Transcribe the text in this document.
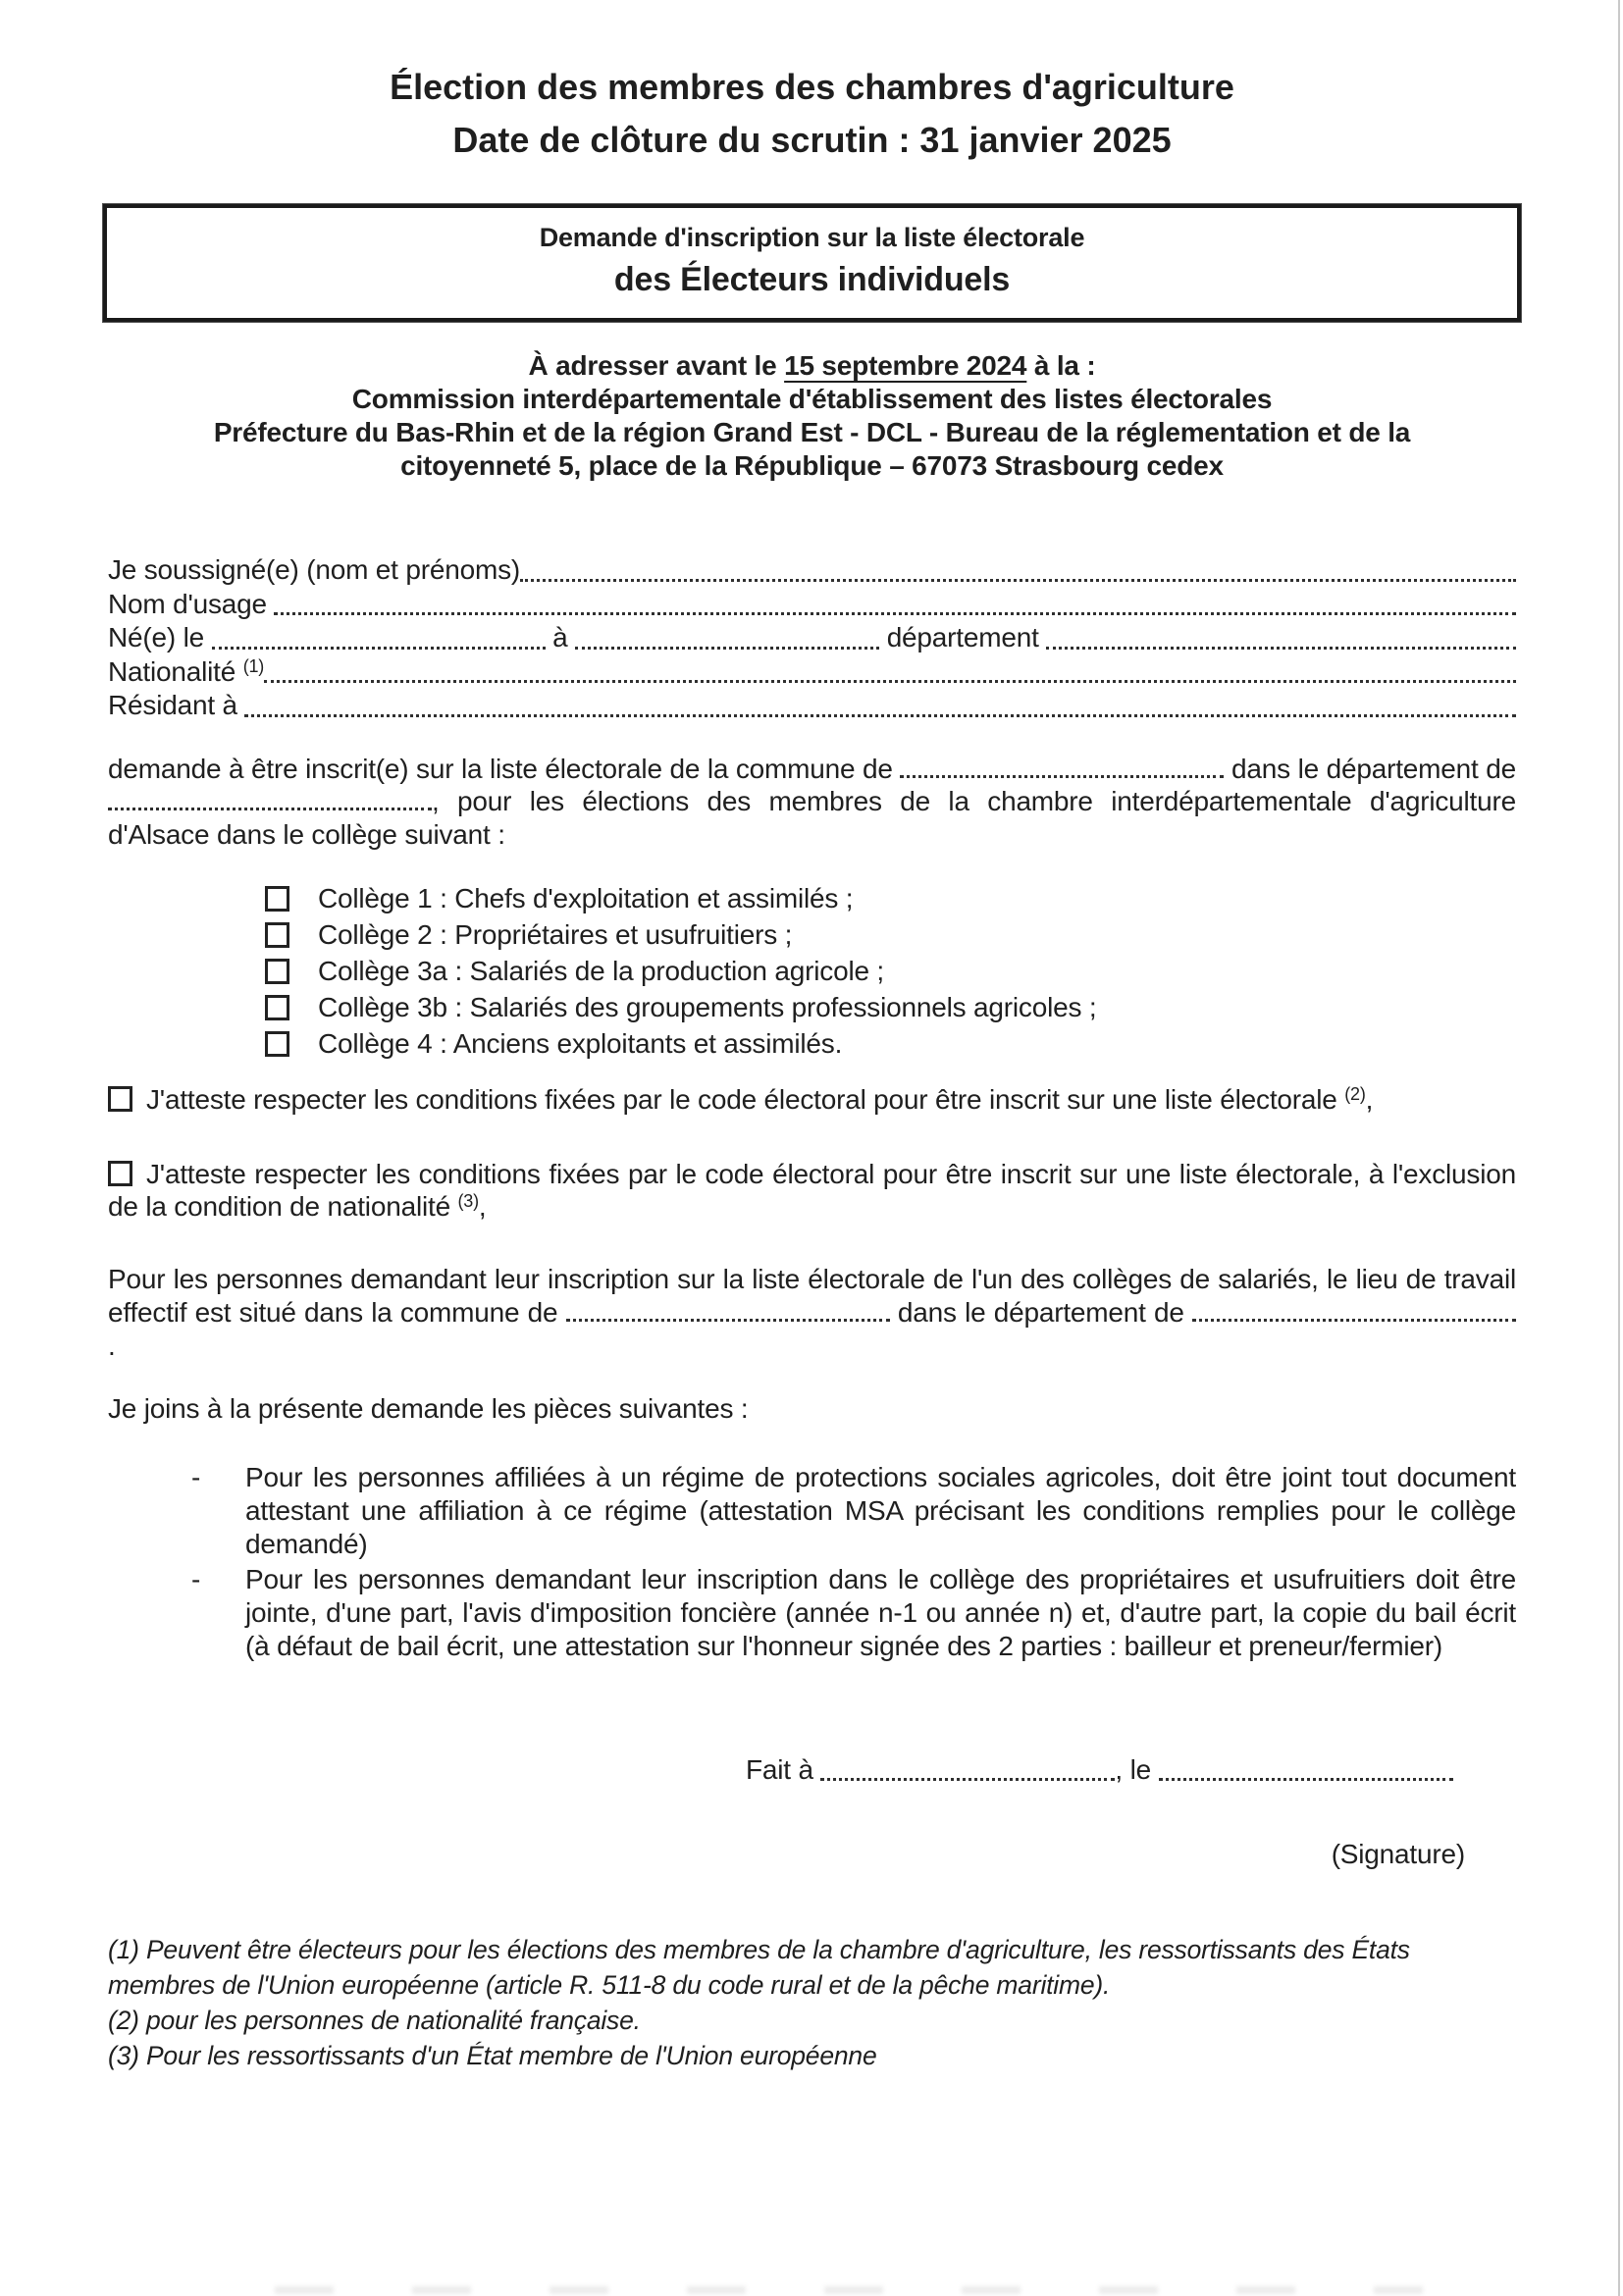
Élection des membres des chambres d'agriculture
Date de clôture du scrutin : 31 janvier 2025
Demande d'inscription sur la liste électorale
des Électeurs individuels
À adresser avant le 15 septembre 2024 à la :
Commission interdépartementale d'établissement des listes électorales
Préfecture du Bas-Rhin et de la région Grand Est - DCL - Bureau de la réglementation et de la
citoyenneté 5, place de la République – 67073 Strasbourg cedex
Je soussigné(e) (nom et prénoms)
Nom d'usage
Né(e) le	à	département
Nationalité $^{(1)}$
Résidant à

demande à être inscrit(e) sur la liste électorale de la commune de	dans le département de , pour les élections des membres de la chambre interdépartementale d'agriculture d'Alsace dans le collège suivant :

Collège 1 : Chefs d'exploitation et assimilés ;
Collège 2 : Propriétaires et usufruitiers ;
Collège 3a : Salariés de la production agricole ;
Collège 3b : Salariés des groupements professionnels agricoles ;
Collège 4 : Anciens exploitants et assimilés.

J'atteste respecter les conditions fixées par le code électoral pour être inscrit sur une liste électorale $^{(2)}$,

J'atteste respecter les conditions fixées par le code électoral pour être inscrit sur une liste électorale, à l'exclusion de la condition de nationalité $^{(3)}$,

Pour les personnes demandant leur inscription sur la liste électorale de l'un des collèges de salariés, le lieu de travail effectif est situé dans la commune de	dans le département de  .

Je joins à la présente demande les pièces suivantes :

-	Pour les personnes affiliées à un régime de protections sociales agricoles, doit être joint tout document attestant une affiliation à ce régime (attestation MSA précisant les conditions remplies pour le collège demandé)
-	Pour les personnes demandant leur inscription dans le collège des propriétaires et usufruitiers doit être jointe, d'une part, l'avis d'imposition foncière (année n-1 ou année n) et, d'autre part, la copie du bail écrit (à défaut de bail écrit, une attestation sur l'honneur signée des 2 parties : bailleur et preneur/fermier)
Fait à	, le
(Signature)
(1) Peuvent être électeurs pour les élections des membres de la chambre d'agriculture, les ressortissants des États membres de l'Union européenne (article R. 511-8 du code rural et de la pêche maritime).
(2) pour les personnes de nationalité française.
(3) Pour les ressortissants d'un État membre de l'Union européenne
